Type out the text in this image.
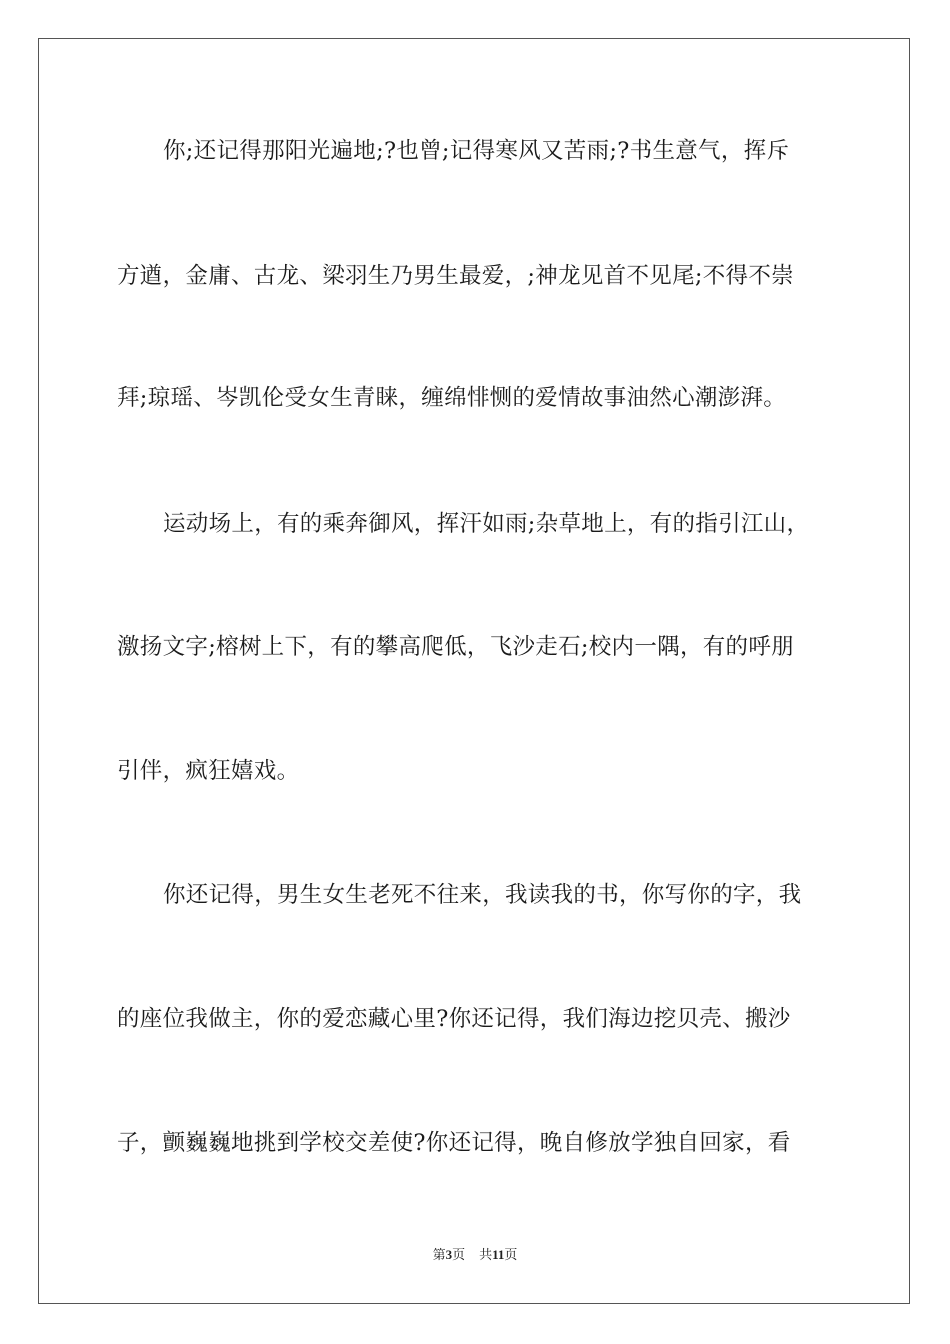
你;还记得那阳光遍地;?也曾;记得寒风又苦雨;?书生意气，挥斥
方遒，金庸、古龙、梁羽生乃男生最爱，;神龙见首不见尾;不得不崇
拜;琼瑶、岑凯伦受女生青睐，缠绵悱恻的爱情故事油然心潮澎湃。
运动场上，有的乘奔御风，挥汗如雨;杂草地上，有的指引江山，
激扬文字;榕树上下，有的攀高爬低，飞沙走石;校内一隅，有的呼朋
引伴，疯狂嬉戏。
你还记得，男生女生老死不往来，我读我的书，你写你的字，我
的座位我做主，你的爱恋藏心里?你还记得，我们海边挖贝壳、搬沙
子，颤巍巍地挑到学校交差使?你还记得，晚自修放学独自回家，看
第3页 共11页
